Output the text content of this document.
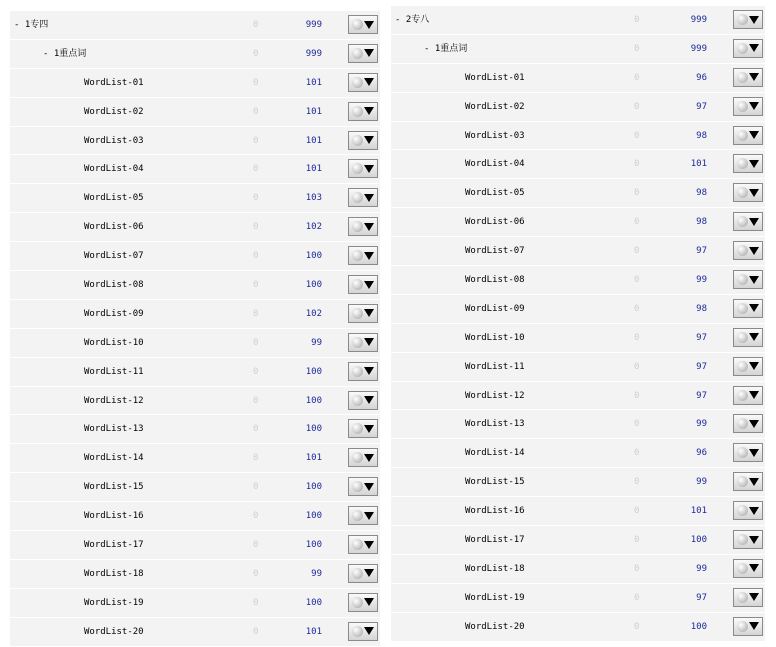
- 1专四	0	999
- 1重点词	0	999
WordList-01	0	101
WordList-02	0	101
WordList-03	0	101
WordList-04	0	101
WordList-05	0	103
WordList-06	0	102
WordList-07	0	100
WordList-08	0	100
WordList-09	0	102
WordList-10	0	99
WordList-11	0	100
WordList-12	0	100
WordList-13	0	100
WordList-14	0	101
WordList-15	0	100
WordList-16	0	100
WordList-17	0	100
WordList-18	0	99
WordList-19	0	100
WordList-20	0	101
- 2专八	0	999
- 1重点词	0	999
WordList-01	0	96
WordList-02	0	97
WordList-03	0	98
WordList-04	0	101
WordList-05	0	98
WordList-06	0	98
WordList-07	0	97
WordList-08	0	99
WordList-09	0	98
WordList-10	0	97
WordList-11	0	97
WordList-12	0	97
WordList-13	0	99
WordList-14	0	96
WordList-15	0	99
WordList-16	0	101
WordList-17	0	100
WordList-18	0	99
WordList-19	0	97
WordList-20	0	100
